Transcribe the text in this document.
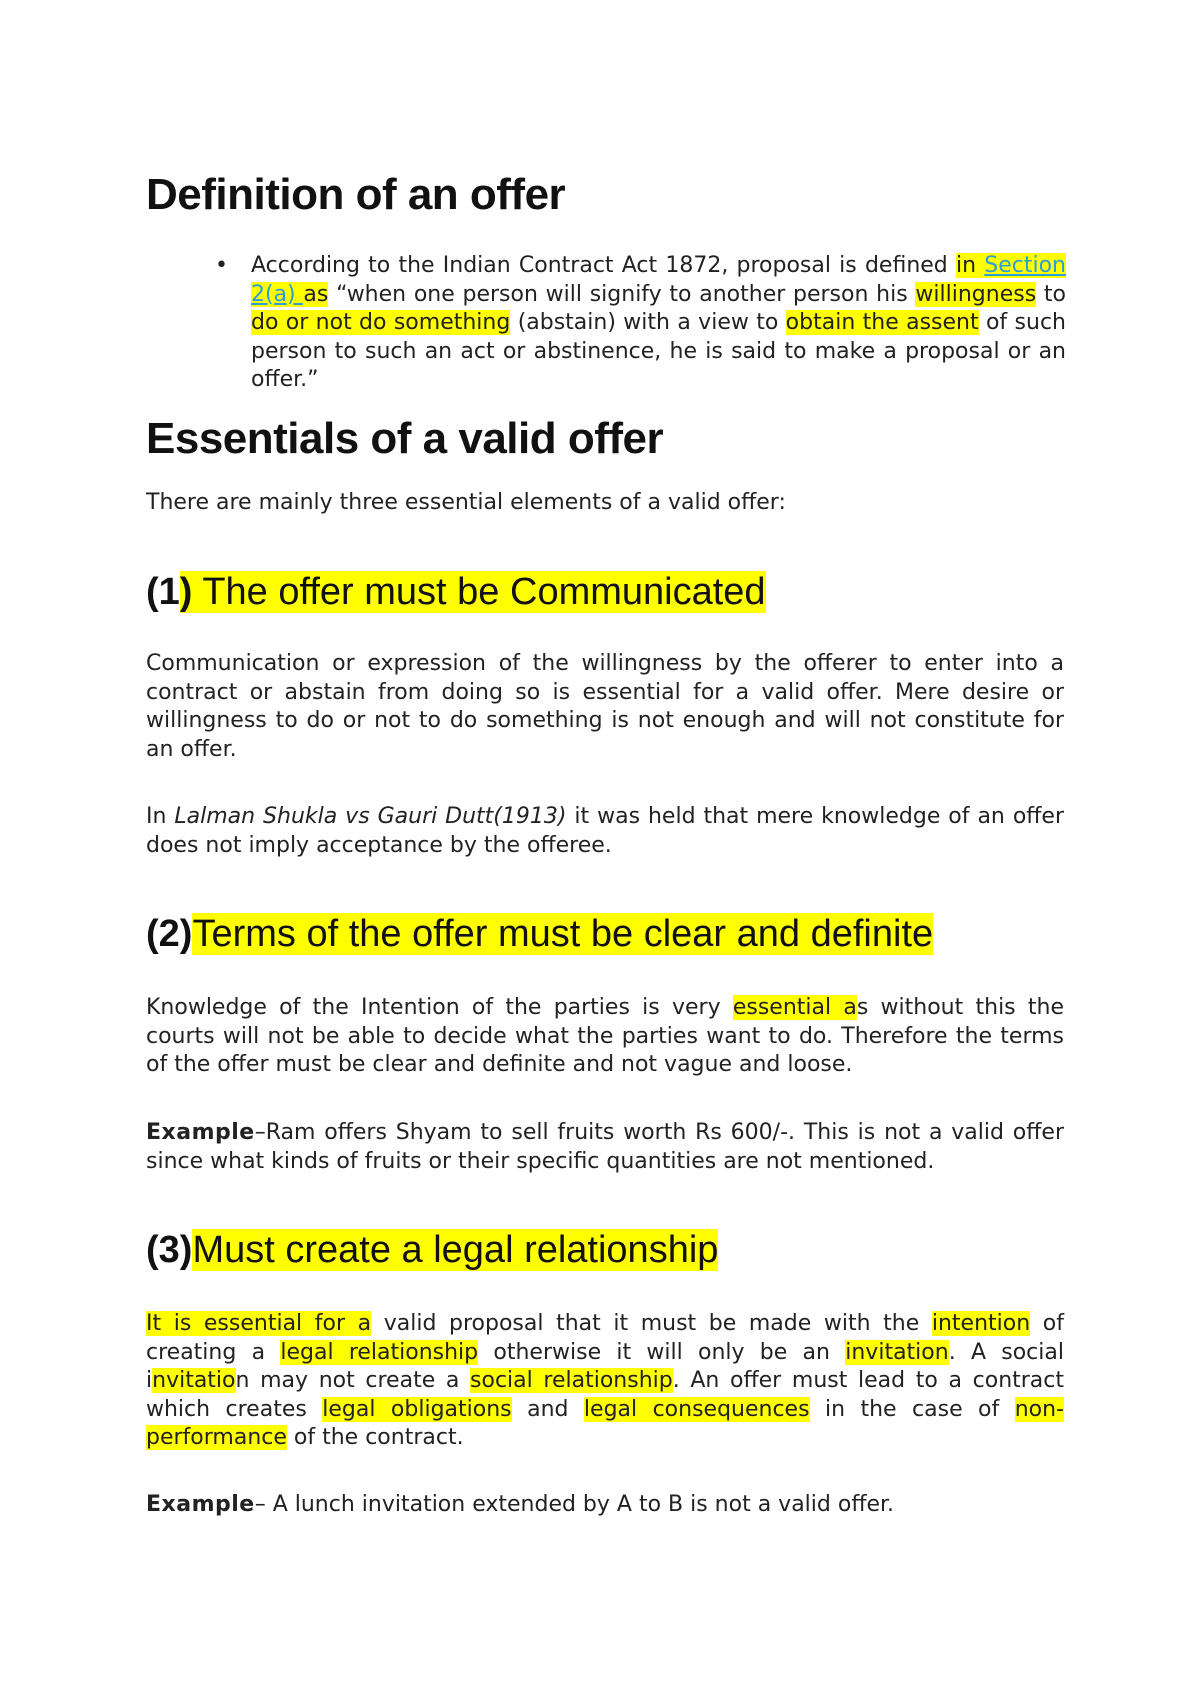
Definition of an offer
• According to the Indian Contract Act 1872, proposal is defined in Section 2(a) as “when one person will signify to another person his willingness to do or not do something (abstain) with a view to obtain the assent of such person to such an act or abstinence, he is said to make a proposal or an offer.”
Essentials of a valid offer

There are mainly three essential elements of a valid offer:

(1) The offer must be Communicated

Communication or expression of the willingness by the offerer to enter into a contract or abstain from doing so is essential for a valid offer. Mere desire or willingness to do or not to do something is not enough and will not constitute for an offer.

In Lalman Shukla vs Gauri Dutt(1913) it was held that mere knowledge of an offer does not imply acceptance by the offeree.

(2)Terms of the offer must be clear and definite

Knowledge of the Intention of the parties is very essential as without this the courts will not be able to decide what the parties want to do. Therefore the terms of the offer must be clear and definite and not vague and loose.

Example–Ram offers Shyam to sell fruits worth Rs 600/-. This is not a valid offer since what kinds of fruits or their specific quantities are not mentioned.

(3)Must create a legal relationship

It is essential for a valid proposal that it must be made with the intention of creating a legal relationship otherwise it will only be an invitation. A social invitation may not create a social relationship. An offer must lead to a contract which creates legal obligations and legal consequences in the case of non-performance of the contract.

Example– A lunch invitation extended by A to B is not a valid offer.
